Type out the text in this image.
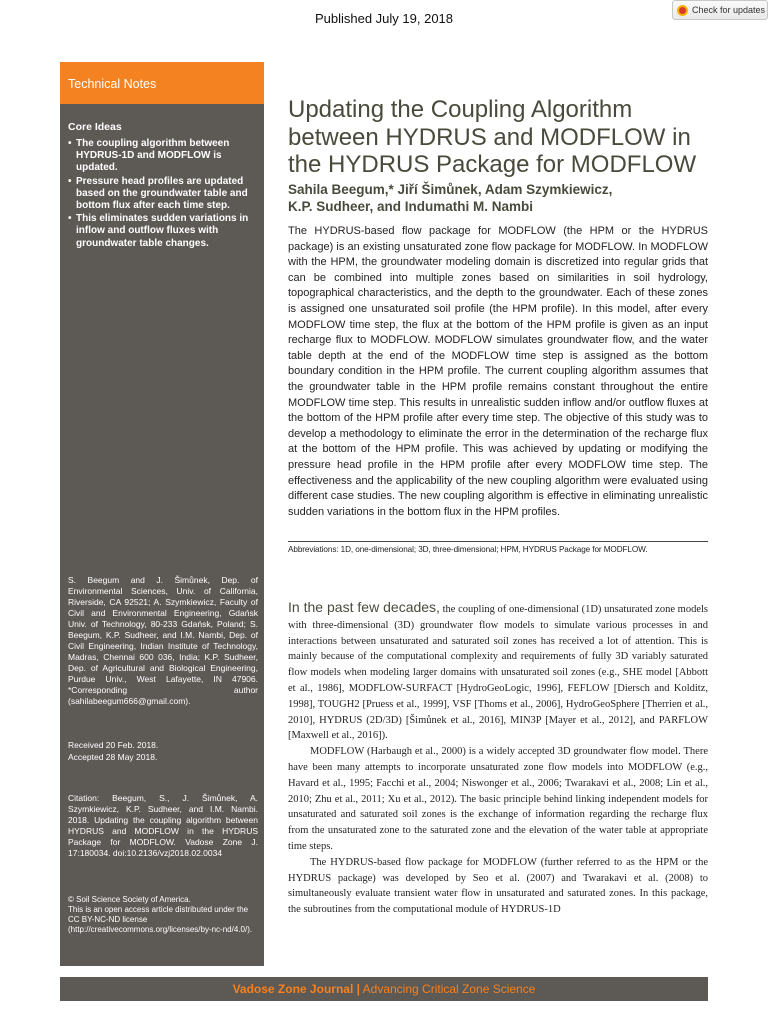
Published July 19, 2018
Check for updates
Technical Notes
Core Ideas
• The coupling algorithm between HYDRUS-1D and MODFLOW is updated.
• Pressure head profiles are updated based on the groundwater table and bottom flux after each time step.
• This eliminates sudden variations in inflow and outflow fluxes with groundwater table changes.
S. Beegum and J. Šimůnek, Dep. of Environmental Sciences, Univ. of California, Riverside, CA 92521; A. Szymkiewicz, Faculty of Civil and Environmental Engineering, Gdańsk Univ. of Technology, 80-233 Gdańsk, Poland; S. Beegum, K.P. Sudheer, and I.M. Nambi, Dep. of Civil Engineering, Indian Institute of Technology, Madras, Chennai 600 036, India; K.P. Sudheer, Dep. of Agricultural and Biological Engineering, Purdue Univ., West Lafayette, IN 47906. *Corresponding author (sahilabeegum666@gmail.com).
Received 20 Feb. 2018.
Accepted 28 May 2018.
Citation: Beegum, S., J. Šimůnek, A. Szymkiewicz, K.P. Sudheer, and I.M. Nambi. 2018. Updating the coupling algorithm between HYDRUS and MODFLOW in the HYDRUS Package for MODFLOW. Vadose Zone J. 17:180034. doi:10.2136/vzj2018.02.0034
© Soil Science Society of America.
This is an open access article distributed under the CC BY-NC-ND license (http://creativecommons.org/licenses/by-nc-nd/4.0/).
Updating the Coupling Algorithm between HYDRUS and MODFLOW in the HYDRUS Package for MODFLOW
Sahila Beegum,* Jiří Šimůnek, Adam Szymkiewicz,
K.P. Sudheer, and Indumathi M. Nambi
The HYDRUS-based flow package for MODFLOW (the HPM or the HYDRUS package) is an existing unsaturated zone flow package for MODFLOW. In MODFLOW with the HPM, the groundwater modeling domain is discretized into regular grids that can be combined into multiple zones based on similarities in soil hydrology, topographical characteristics, and the depth to the groundwater. Each of these zones is assigned one unsaturated soil profile (the HPM profile). In this model, after every MODFLOW time step, the flux at the bottom of the HPM profile is given as an input recharge flux to MODFLOW. MODFLOW simulates groundwater flow, and the water table depth at the end of the MODFLOW time step is assigned as the bottom boundary condition in the HPM profile. The current coupling algorithm assumes that the groundwater table in the HPM profile remains constant throughout the entire MODFLOW time step. This results in unrealistic sudden inflow and/or outflow fluxes at the bottom of the HPM profile after every time step. The objective of this study was to develop a methodology to eliminate the error in the determination of the recharge flux at the bottom of the HPM profile. This was achieved by updating or modifying the pressure head profile in the HPM profile after every MODFLOW time step. The effectiveness and the applicability of the new coupling algorithm were evaluated using different case studies. The new coupling algorithm is effective in eliminating unrealistic sudden variations in the bottom flux in the HPM profiles.
Abbreviations: 1D, one-dimensional; 3D, three-dimensional; HPM, HYDRUS Package for MODFLOW.

In the past few decades, the coupling of one-dimensional (1D) unsaturated zone models with three-dimensional (3D) groundwater flow models to simulate various processes in and interactions between unsaturated and saturated soil zones has received a lot of attention. This is mainly because of the computational complexity and requirements of fully 3D variably saturated flow models when modeling larger domains with unsaturated soil zones (e.g., SHE model [Abbott et al., 1986], MODFLOW-SURFACT [HydroGeoLogic, 1996], FEFLOW [Diersch and Kolditz, 1998], TOUGH2 [Pruess et al., 1999], VSF [Thoms et al., 2006], HydroGeoSphere [Therrien et al., 2010], HYDRUS (2D/3D) [Šimůnek et al., 2016], MIN3P [Mayer et al., 2012], and PARFLOW [Maxwell et al., 2016]).

MODFLOW (Harbaugh et al., 2000) is a widely accepted 3D groundwater flow model. There have been many attempts to incorporate unsaturated zone flow models into MODFLOW (e.g., Havard et al., 1995; Facchi et al., 2004; Niswonger et al., 2006; Twarakavi et al., 2008; Lin et al., 2010; Zhu et al., 2011; Xu et al., 2012). The basic principle behind linking independent models for unsaturated and saturated soil zones is the exchange of information regarding the recharge flux from the unsaturated zone to the saturated zone and the elevation of the water table at appropriate time steps.

The HYDRUS-based flow package for MODFLOW (further referred to as the HPM or the HYDRUS package) was developed by Seo et al. (2007) and Twarakavi et al. (2008) to simultaneously evaluate transient water flow in unsaturated and saturated zones. In this package, the subroutines from the computational module of HYDRUS-1D

Vadose Zone Journal | Advancing Critical Zone Science
